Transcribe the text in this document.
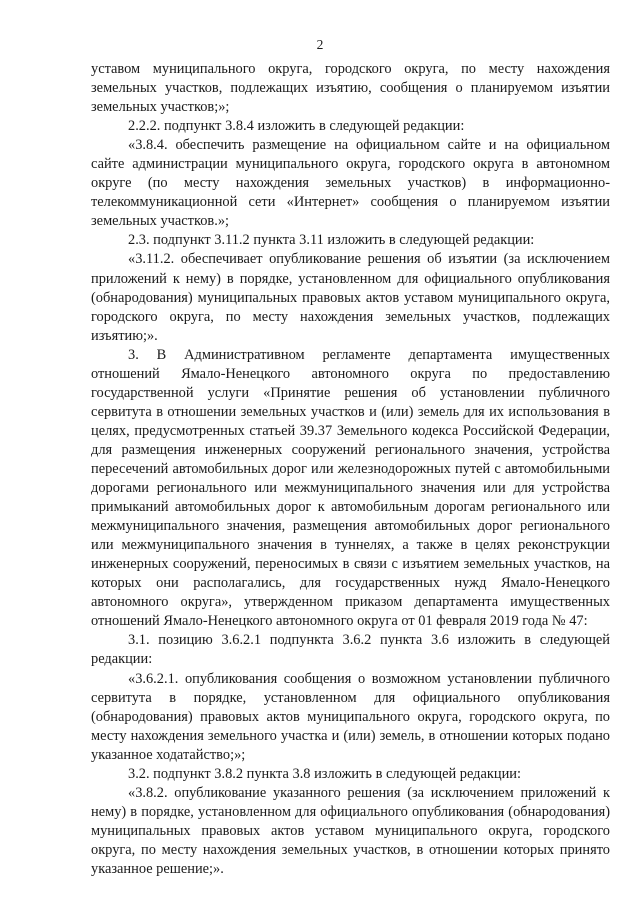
2

уставом муниципального округа, городского округа, по месту нахождения земельных участков, подлежащих изъятию, сообщения о планируемом изъятии земельных участков;»;

2.2.2. подпункт 3.8.4 изложить в следующей редакции:

«3.8.4. обеспечить размещение на официальном сайте и на официальном сайте администрации муниципального округа, городского округа в автономном округе (по месту нахождения земельных участков) в информационно-телекоммуникационной сети «Интернет» сообщения о планируемом изъятии земельных участков.»;

2.3. подпункт 3.11.2 пункта 3.11 изложить в следующей редакции:

«3.11.2. обеспечивает опубликование решения об изъятии (за исключением приложений к нему) в порядке, установленном для официального опубликования (обнародования) муниципальных правовых актов уставом муниципального округа, городского округа, по месту нахождения земельных участков, подлежащих изъятию;».

3. В Административном регламенте департамента имущественных отношений Ямало-Ненецкого автономного округа по предоставлению государственной услуги «Принятие решения об установлении публичного сервитута в отношении земельных участков и (или) земель для их использования в целях, предусмотренных статьей 39.37 Земельного кодекса Российской Федерации, для размещения инженерных сооружений регионального значения, устройства пересечений автомобильных дорог или железнодорожных путей с автомобильными дорогами регионального или межмуниципального значения или для устройства примыканий автомобильных дорог к автомобильным дорогам регионального или межмуниципального значения, размещения автомобильных дорог регионального или межмуниципального значения в туннелях, а также в целях реконструкции инженерных сооружений, переносимых в связи с изъятием земельных участков, на которых они располагались, для государственных нужд Ямало-Ненецкого автономного округа», утвержденном приказом департамента имущественных отношений Ямало-Ненецкого автономного округа от 01 февраля 2019 года № 47:

3.1. позицию 3.6.2.1 подпункта 3.6.2 пункта 3.6 изложить в следующей редакции:

«3.6.2.1. опубликования сообщения о возможном установлении публичного сервитута в порядке, установленном для официального опубликования (обнародования) правовых актов муниципального округа, городского округа, по месту нахождения земельного участка и (или) земель, в отношении которых подано указанное ходатайство;»;

3.2. подпункт 3.8.2 пункта 3.8 изложить в следующей редакции:

«3.8.2. опубликование указанного решения (за исключением приложений к нему) в порядке, установленном для официального опубликования (обнародования) муниципальных правовых актов уставом муниципального округа, городского округа, по месту нахождения земельных участков, в отношении которых принято указанное решение;».
